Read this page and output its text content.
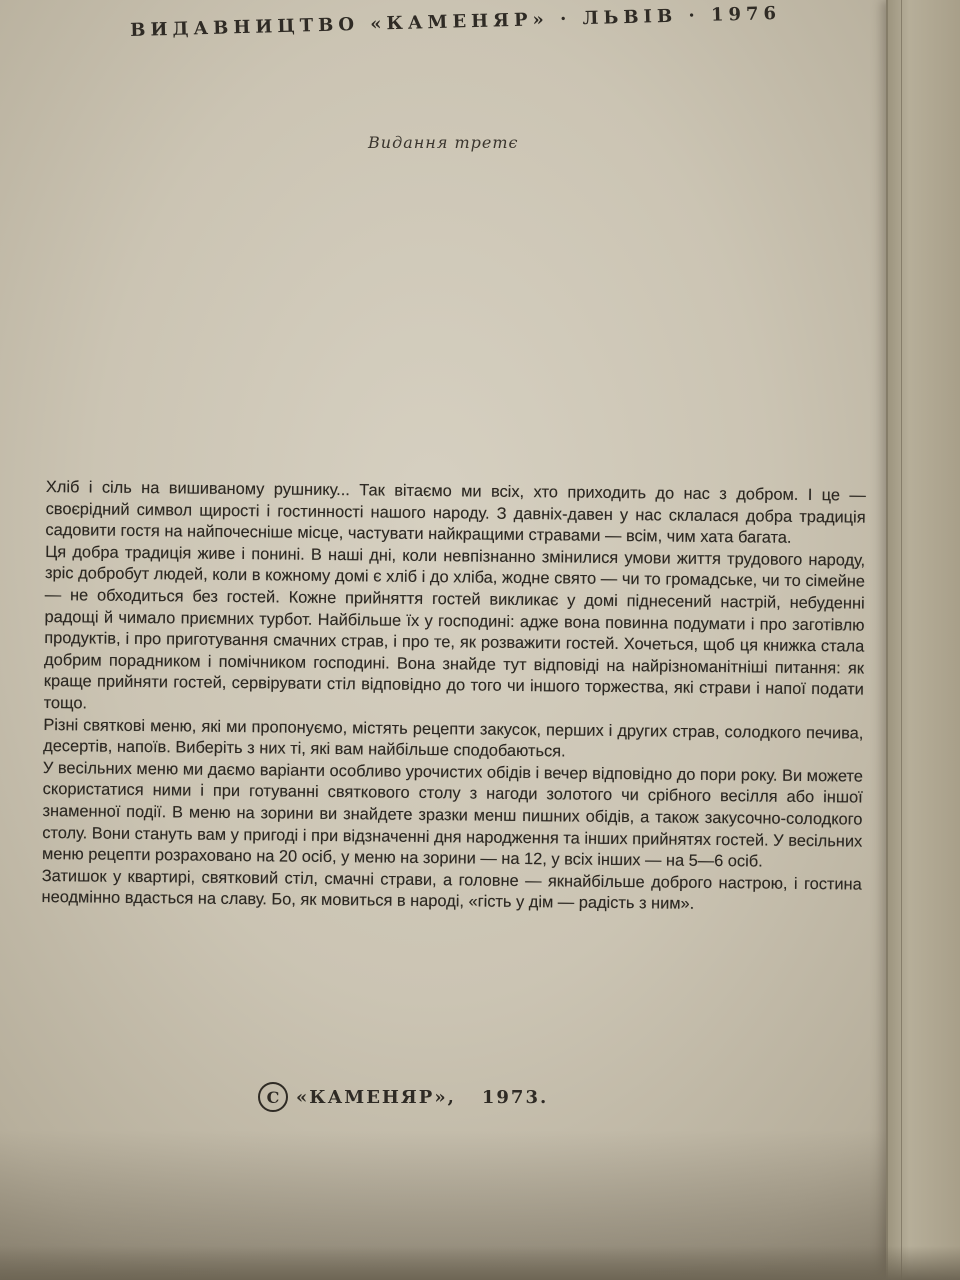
ВИДАВНИЦТВО «КАМЕНЯР» · ЛЬВІВ · 1976
Видання третє

Хліб і сіль на вишиваному рушнику... Так вітаємо ми всіх, хто приходить до нас з добром. І це — своєрідний символ щирості і гостинності нашого народу. З давніх-давен у нас склалася добра традиція садовити гостя на найпочесніше місце, частувати найкращими стравами — всім, чим хата багата.

Ця добра традиція живе і понині. В наші дні, коли невпізнанно змінилися умови життя трудового народу, зріс добробут людей, коли в кожному домі є хліб і до хліба, жодне свято — чи то громадське, чи то сімейне — не обходиться без гостей. Кожне прийняття гостей викликає у домі піднесений настрій, небуденні радощі й чимало приємних турбот. Найбільше їх у господині: адже вона повинна подумати і про заготівлю продуктів, і про приготування смачних страв, і про те, як розважити гостей. Хочеться, щоб ця книжка стала добрим порадником і помічником господині. Вона знайде тут відповіді на найрізноманітніші питання: як краще прийняти гостей, сервірувати стіл відповідно до того чи іншого торжества, які страви і напої подати тощо.

Різні святкові меню, які ми пропонуємо, містять рецепти закусок, перших і других страв, солодкого печива, десертів, напоїв. Виберіть з них ті, які вам найбільше сподобаються.

У весільних меню ми даємо варіанти особливо урочистих обідів і вечер відповідно до пори року. Ви можете скористатися ними і при готуванні святкового столу з нагоди золотого чи срібного весілля або іншої знаменної події. В меню на зорини ви знайдете зразки менш пишних обідів, а також закусочно-солодкого столу. Вони стануть вам у пригоді і при відзначенні дня народження та інших прийнятях гостей. У весільних меню рецепти розраховано на 20 осіб, у меню на зорини — на 12, у всіх інших — на 5—6 осіб.

Затишок у квартирі, святковий стіл, смачні страви, а головне — якнайбільше доброго настрою, і гостина неодмінно вдасться на славу. Бо, як мовиться в народі, «гість у дім — радість з ним».

С «КАМЕНЯР», 1973.
